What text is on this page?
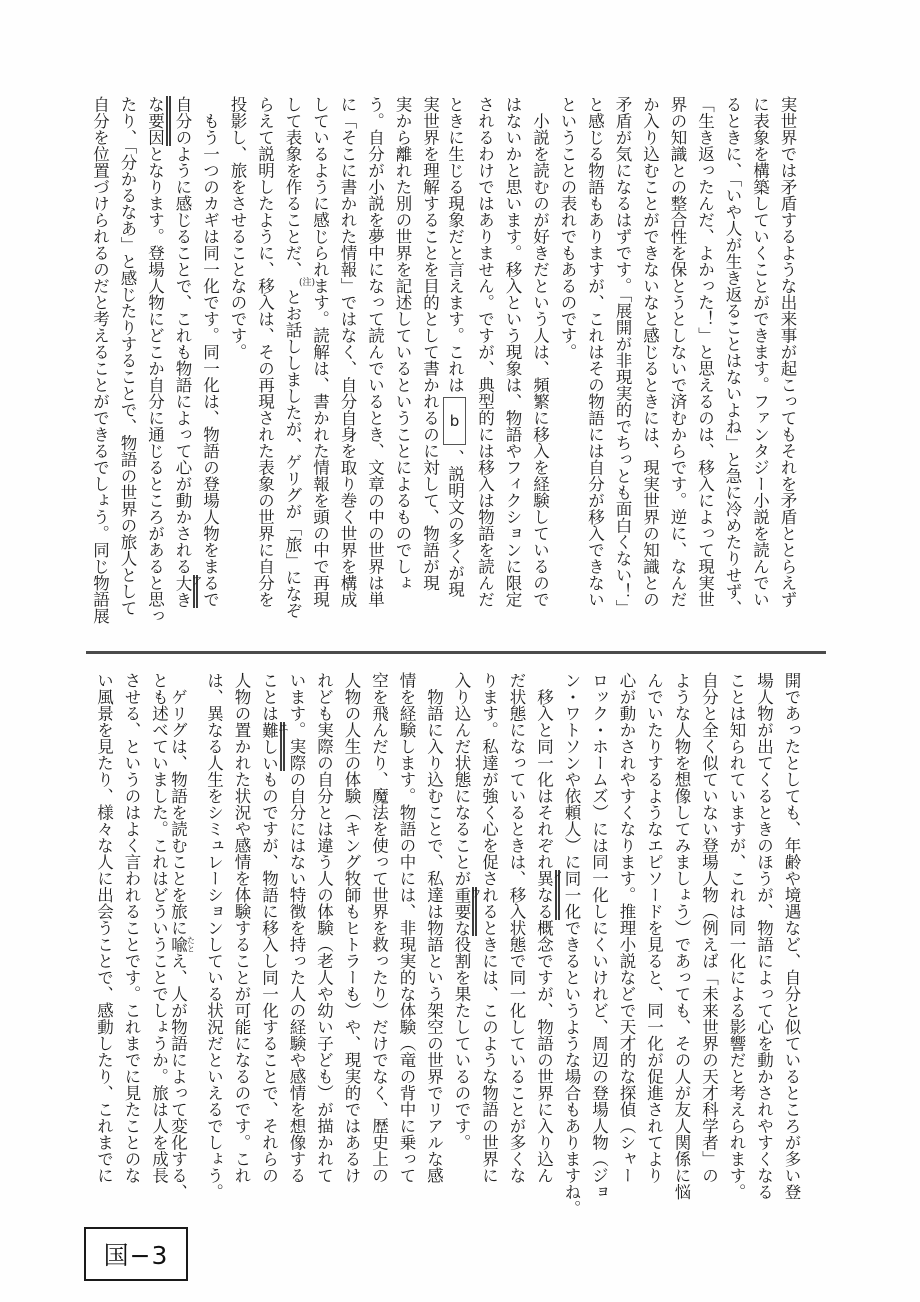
実世界では矛盾するような出来事が起こってもそれを矛盾ととらえず
に表象を構築していくことができます。ファンタジー小説を読んでい
るときに、「いや人が生き返ることはないよね」と急に冷めたりせず、
「生き返ったんだ、よかった！」と思えるのは、移入によって現実世
界の知識との整合性を保とうとしないで済むからです。逆に、なんだ
か入り込むことができないなと感じるときには、現実世界の知識との
矛盾が気になるはずです。「展開が非現実的でちっとも面白くない！」
と感じる物語もありますが、これはその物語には自分が移入できない
ということの表れでもあるのです。
　小説を読むのが好きだという人は、頻繁に移入を経験しているので
はないかと思います。移入という現象は、物語やフィクションに限定
されるわけではありません。ですが、典型的には移入は物語を読んだ
ときに生じる現象だと言えます。これはb、説明文の多くが現
実世界を理解することを目的として書かれるのに対して、物語が現
実から離れた別の世界を記述しているということによるものでしょ
う。自分が小説を夢中になって読んでいるとき、文章の中の世界は単
に「そこに書かれた情報」ではなく、自分自身を取り巻く世界を構成
しているように感じられます。読解は、書かれた情報を頭の中で再現
して表象を作ることだ、(注)とお話ししましたが、ゲリグが「旅」になぞ
らえて説明したように、移入は、その再現された表象の世界に自分を
投影し、旅をさせることなのです。
　もう一つのカギは同一化です。同一化は、物語の登場人物をまるで
自分のように感じることで、これも物語によって心が動かされるア大き
な要因となります。登場人物にどこか自分に通じるところがあると思っ
たり、「分かるなあ」と感じたりすることで、物語の世界の旅人として
自分を位置づけられるのだと考えることができるでしょう。同じ物語展
開であったとしても、年齢や境遇など、自分と似ているところが多い登
場人物が出てくるときのほうが、物語によって心を動かされやすくなる
ことは知られていますが、これは同一化による影響だと考えられます。
自分と全く似ていない登場人物（例えば「未来世界の天才科学者」の
ような人物を想像してみましょう）であっても、その人が友人関係に悩
んでいたりするようなエピソードを見ると、同一化が促進されてより
心が動かされやすくなります。推理小説などで天才的な探偵（シャー
ロック・ホームズ）には同一化しにくいけれど、周辺の登場人物（ジョ
ン・ワトソンや依頼人）に同一化できるというような場合もありますね。
　移入と同一化はそれぞれイ異なる概念ですが、物語の世界に入り込ん
だ状態になっているときは、移入状態で同一化していることが多くな
ります。私達が強く心を促されるときには、このような物語の世界に
入り込んだ状態になることがウ重要な役割を果たしているのです。
　物語に入り込むことで、私達は物語という架空の世界でリアルな感
情を経験します。物語の中には、非現実的な体験（竜の背中に乗って
空を飛んだり、魔法を使って世界を救ったり）だけでなく、歴史上の
人物の人生の体験（キング牧師もヒトラーも）や、現実的ではあるけ
れども実際の自分とは違う人の体験（老人や幼い子ども）が描かれて
います。実際の自分にはない特徴を持った人の経験や感情を想像する
ことはエ難しいものですが、物語に移入し同一化することで、それらの
人物の置かれた状況や感情を体験することが可能になるのです。これ
は、異なる人生をシミュレーションしている状況だといえるでしょう。
　ゲリグは、物語を読むことを旅に喩 たとえ、人が物語によって変化する、
とも述べていました。これはどういうことでしょうか。旅は人を成長
させる、というのはよく言われることです。これまでに見たことのな
い風景を見たり、様々な人に出会うことで、感動したり、これまでに
国−3
